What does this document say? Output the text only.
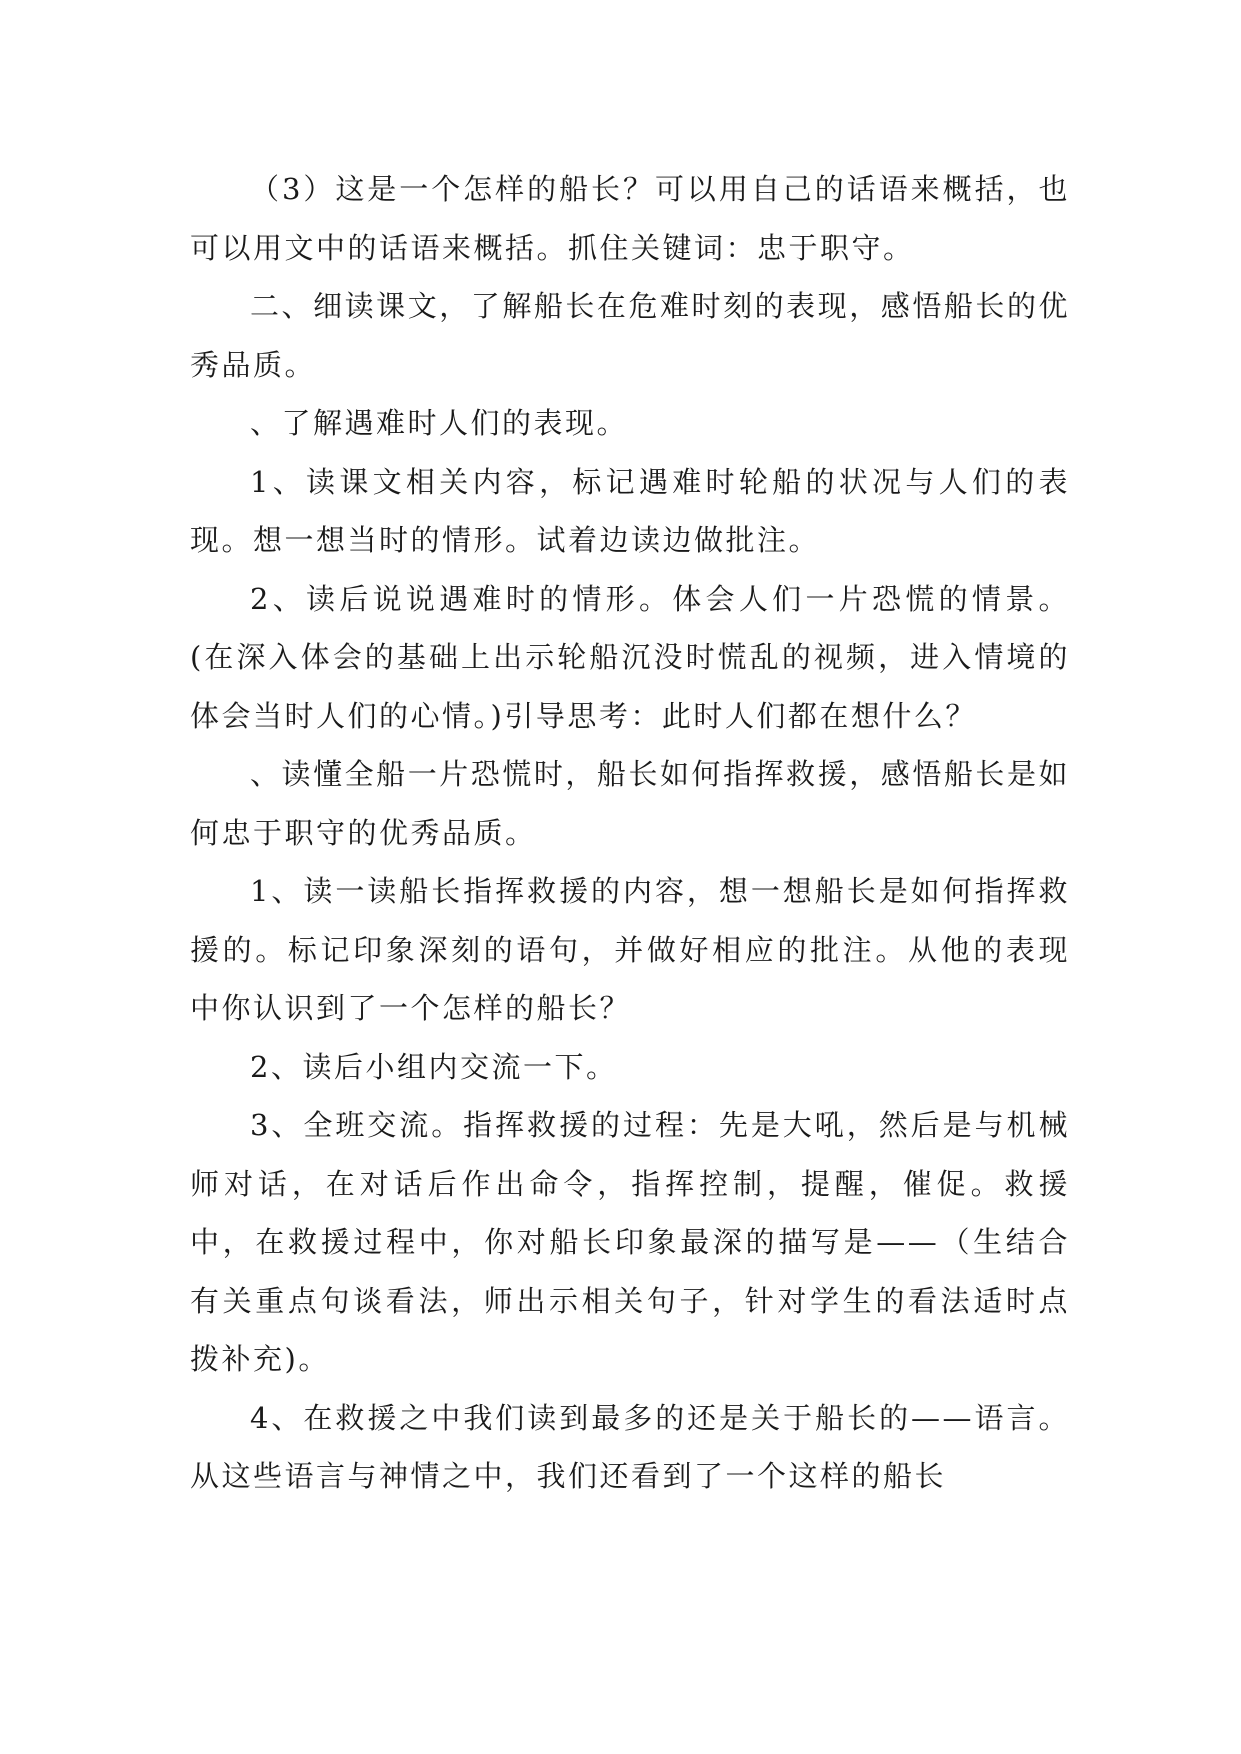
（3）这是一个怎样的船长？可以用自己的话语来概括，也可以用文中的话语来概括。抓住关键词：忠于职守。

二、细读课文，了解船长在危难时刻的表现，感悟船长的优秀品质。

、了解遇难时人们的表现。

1、读课文相关内容，标记遇难时轮船的状况与人们的表现。想一想当时的情形。试着边读边做批注。

2、读后说说遇难时的情形。体会人们一片恐慌的情景。(在深入体会的基础上出示轮船沉没时慌乱的视频，进入情境的体会当时人们的心情。)引导思考：此时人们都在想什么？

、读懂全船一片恐慌时，船长如何指挥救援，感悟船长是如何忠于职守的优秀品质。

1、读一读船长指挥救援的内容，想一想船长是如何指挥救援的。标记印象深刻的语句，并做好相应的批注。从他的表现中你认识到了一个怎样的船长？

2、读后小组内交流一下。

3、全班交流。指挥救援的过程：先是大吼，然后是与机械师对话，在对话后作出命令，指挥控制，提醒，催促。救援中，在救援过程中，你对船长印象最深的描写是——（生结合有关重点句谈看法，师出示相关句子，针对学生的看法适时点拨补充)。

4、在救援之中我们读到最多的还是关于船长的——语言。从这些语言与神情之中，我们还看到了一个这样的船长
